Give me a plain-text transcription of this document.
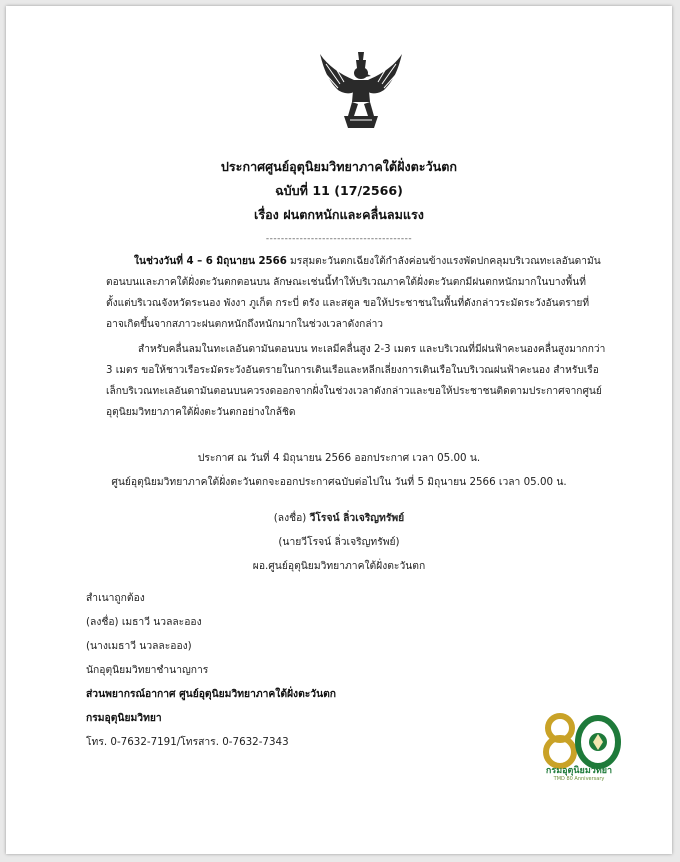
ประกาศศูนย์อุตุนิยมวิทยาภาคใต้ฝั่งตะวันตก
ฉบับที่ 11 (17/2566)
เรื่อง ฝนตกหนักและคลื่นลมแรง
---------------------------------------
ในช่วงวันที่ 4 – 6 มิถุนายน 2566 มรสุมตะวันตกเฉียงใต้กำลังค่อนข้างแรงพัดปกคลุมบริเวณทะเลอันดามัน ตอนบนและภาคใต้ฝั่งตะวันตกตอนบน ลักษณะเช่นนี้ทำให้บริเวณภาคใต้ฝั่งตะวันตกมีฝนตกหนักมากในบางพื้นที่ ตั้งแต่บริเวณจังหวัดระนอง พังงา ภูเก็ต กระบี่ ตรัง และสตูล ขอให้ประชาชนในพื้นที่ดังกล่าวระมัดระวังอันตรายที่อาจเกิดขึ้นจากสภาวะฝนตกหนักถึงหนักมากในช่วงเวลาดังกล่าว
สำหรับคลื่นลมในทะเลอันดามันตอนบน ทะเลมีคลื่นสูง 2-3 เมตร และบริเวณที่มีฝนฟ้าคะนองคลื่นสูงมากกว่า 3 เมตร ขอให้ชาวเรือระมัดระวังอันตรายในการเดินเรือและหลีกเลี่ยงการเดินเรือในบริเวณฝนฟ้าคะนอง สำหรับเรือเล็กบริเวณทะเลอันดามันตอนบนควรงดออกจากฝั่งในช่วงเวลาดังกล่าวและขอให้ประชาชนติดตามประกาศจากศูนย์อุตุนิยมวิทยาภาคใต้ฝั่งตะวันตกอย่างใกล้ชิด
ประกาศ ณ วันที่ 4 มิถุนายน 2566 ออกประกาศ เวลา 05.00 น.
ศูนย์อุตุนิยมวิทยาภาคใต้ฝั่งตะวันตกจะออกประกาศฉบับต่อไปใน วันที่ 5 มิถุนายน 2566 เวลา 05.00 น.
(ลงชื่อ) วีโรจน์ ลิ่วเจริญทรัพย์
(นายวีโรจน์ ลิ่วเจริญทรัพย์)
ผอ.ศูนย์อุตุนิยมวิทยาภาคใต้ฝั่งตะวันตก
สำเนาถูกต้อง
(ลงชื่อ) เมธาวี นวลละออง
(นางเมธาวี นวลละออง)
นักอุตุนิยมวิทยาชำนาญการ
ส่วนพยากรณ์อากาศ ศูนย์อุตุนิยมวิทยาภาคใต้ฝั่งตะวันตก
กรมอุตุนิยมวิทยา
โทร. 0-7632-7191/โทรสาร. 0-7632-7343
กรมอุตุนิยมวิทยา
TMD 80 Anniversary
